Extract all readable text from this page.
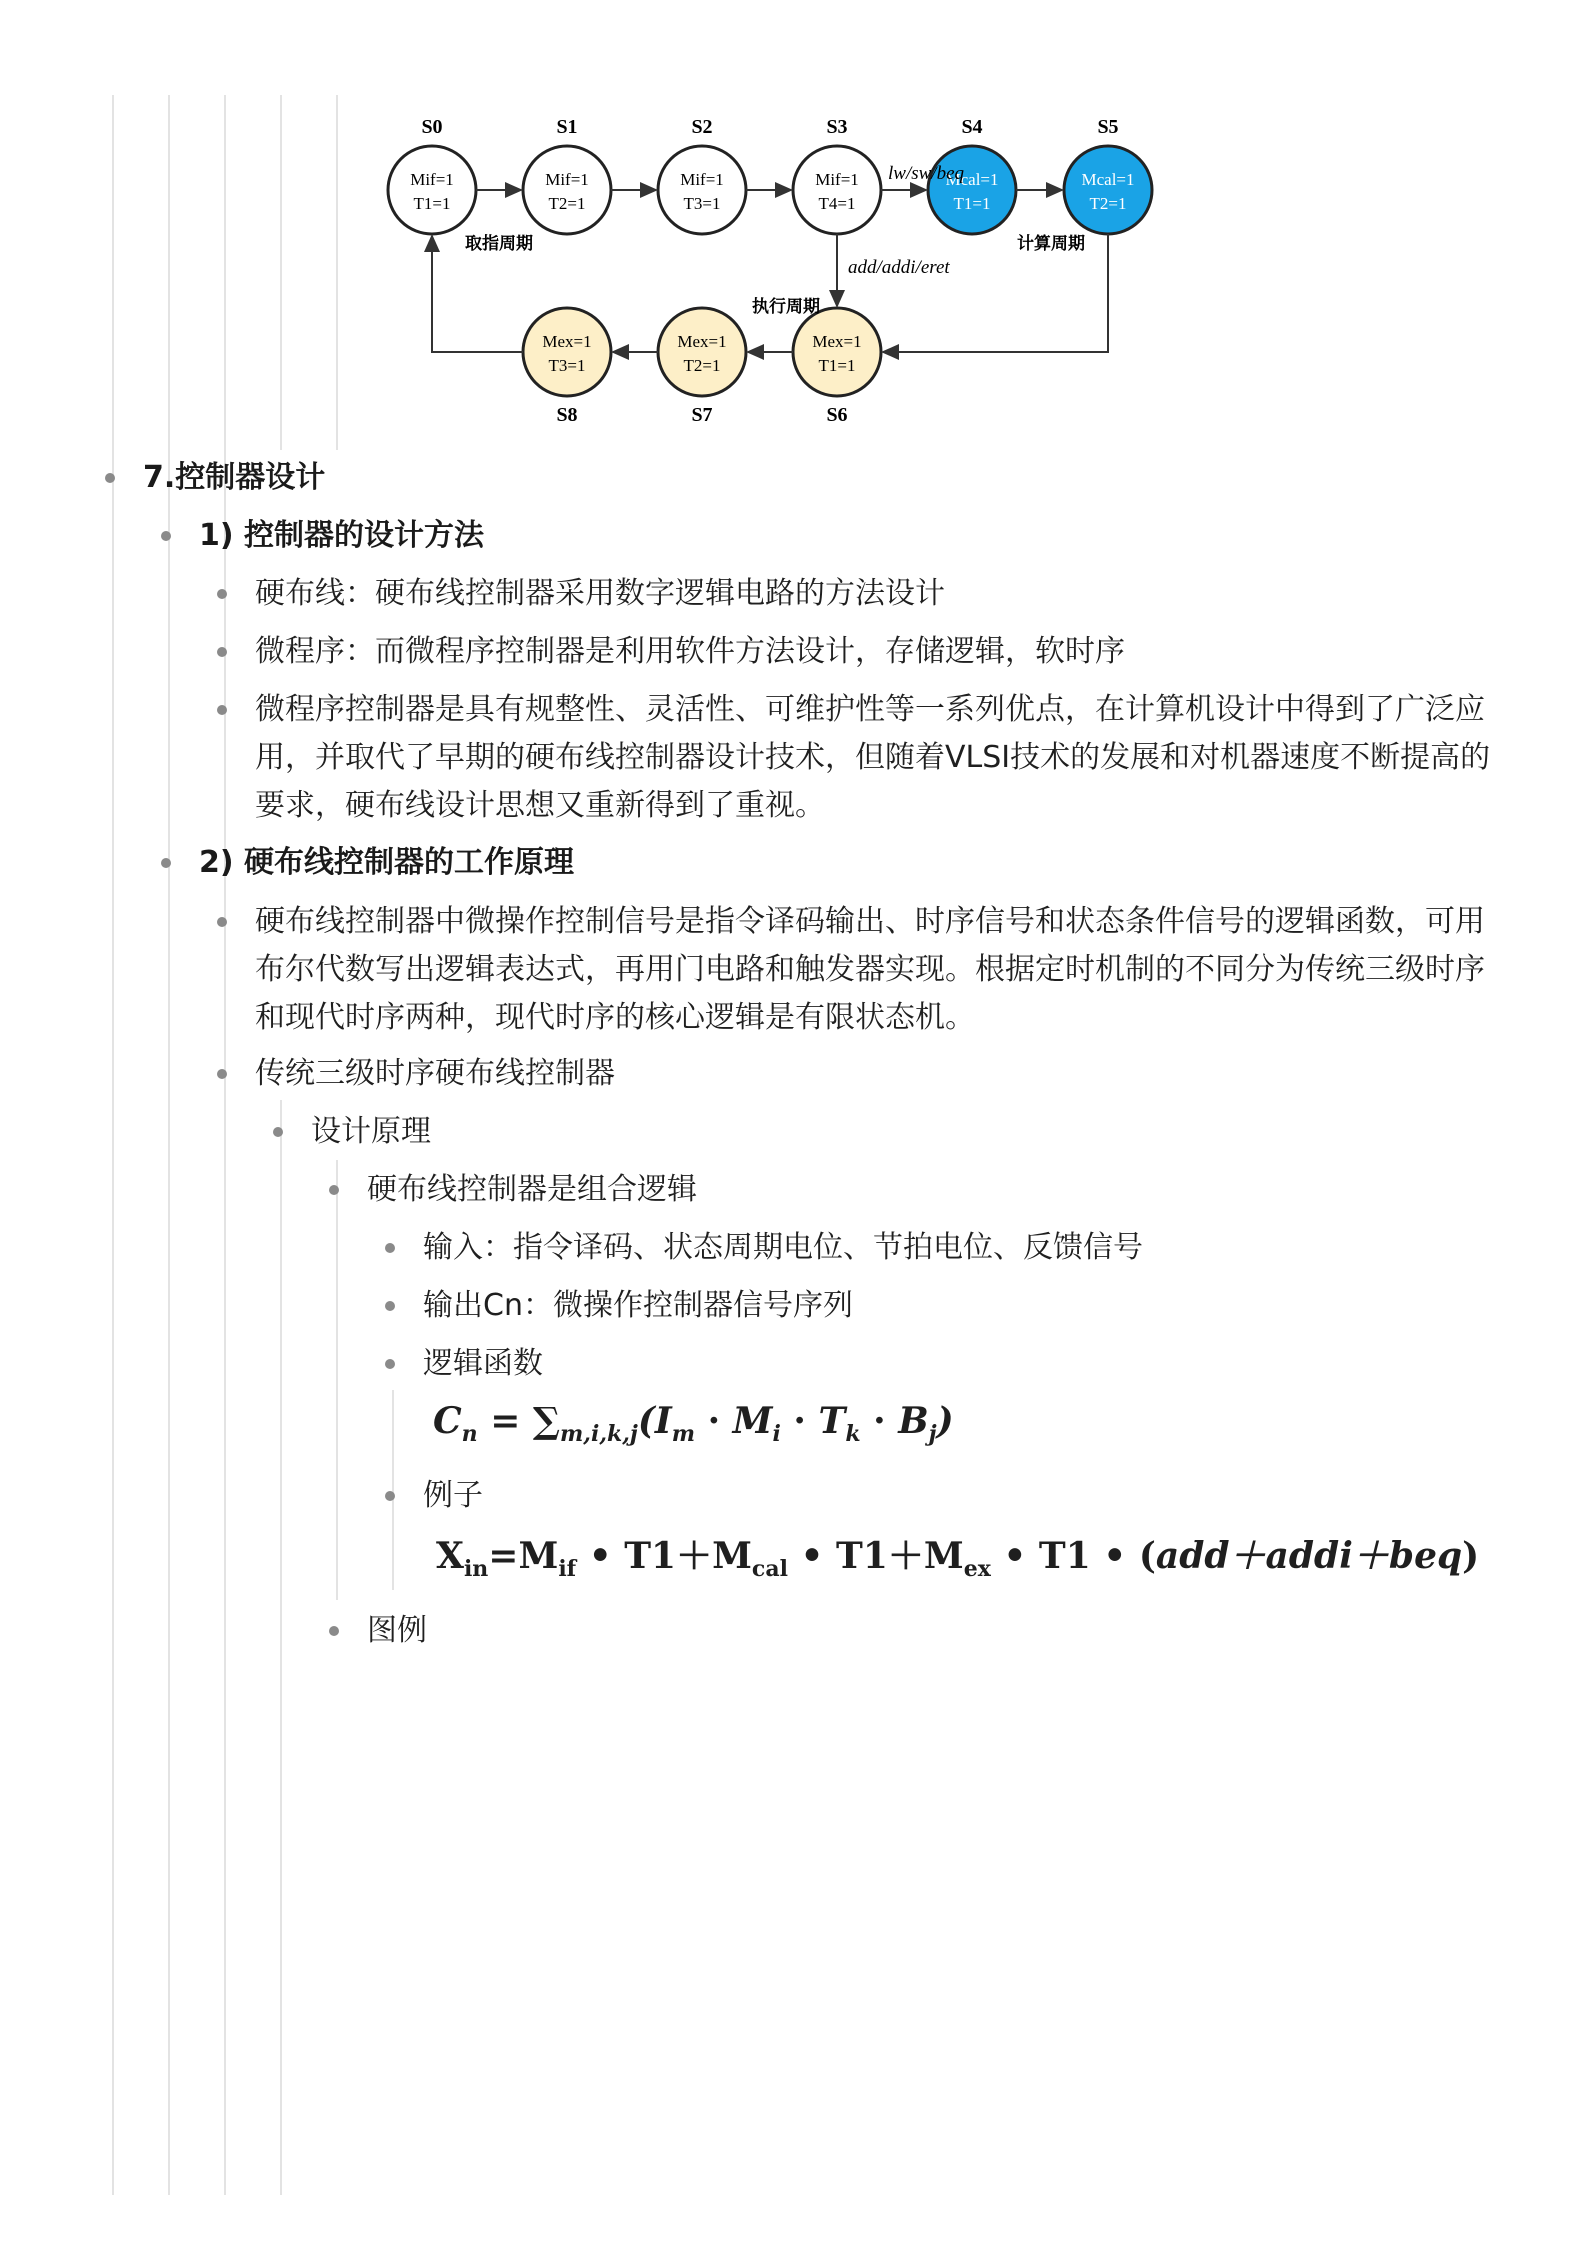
S0	S1	S2	S3	S4	S5
S8	S7	S6
Mif=1
T1=1
Mif=1
T2=1
Mif=1
T3=1
Mif=1
T4=1
Mcal=1
T1=1
Mcal=1
T2=1
Mex=1
T3=1
Mex=1
T2=1
Mex=1
T1=1
取指周期	计算周期
执行周期
lw/sw/beq
add/addi/eret
7.控制器设计
1) 控制器的设计方法
硬布线：硬布线控制器采用数字逻辑电路的方法设计
微程序：而微程序控制器是利用软件方法设计，存储逻辑，软时序
微程序控制器是具有规整性、灵活性、可维护性等一系列优点，在计算机设计中得到了广泛应用，并取代了早期的硬布线控制器设计技术，但随着VLSI技术的发展和对机器速度不断提高的要求，硬布线设计思想又重新得到了重视。
2) 硬布线控制器的工作原理
硬布线控制器中微操作控制信号是指令译码输出、时序信号和状态条件信号的逻辑函数，可用布尔代数写出逻辑表达式，再用门电路和触发器实现。根据定时机制的不同分为传统三级时序和现代时序两种，现代时序的核心逻辑是有限状态机。
传统三级时序硬布线控制器
设计原理
硬布线控制器是组合逻辑
输入：指令译码、状态周期电位、节拍电位、反馈信号
输出Cn：微操作控制器信号序列
逻辑函数
$C_n = \sum_{m,i,k,j}(I_m \cdot M_i \cdot T_k \cdot B_j)$
例子
$X_{in}=M_{if}$ • $T1+M_{cal}$ • $T1+M_{ex}$ • T1 • (add＋addi＋beq)
图例
